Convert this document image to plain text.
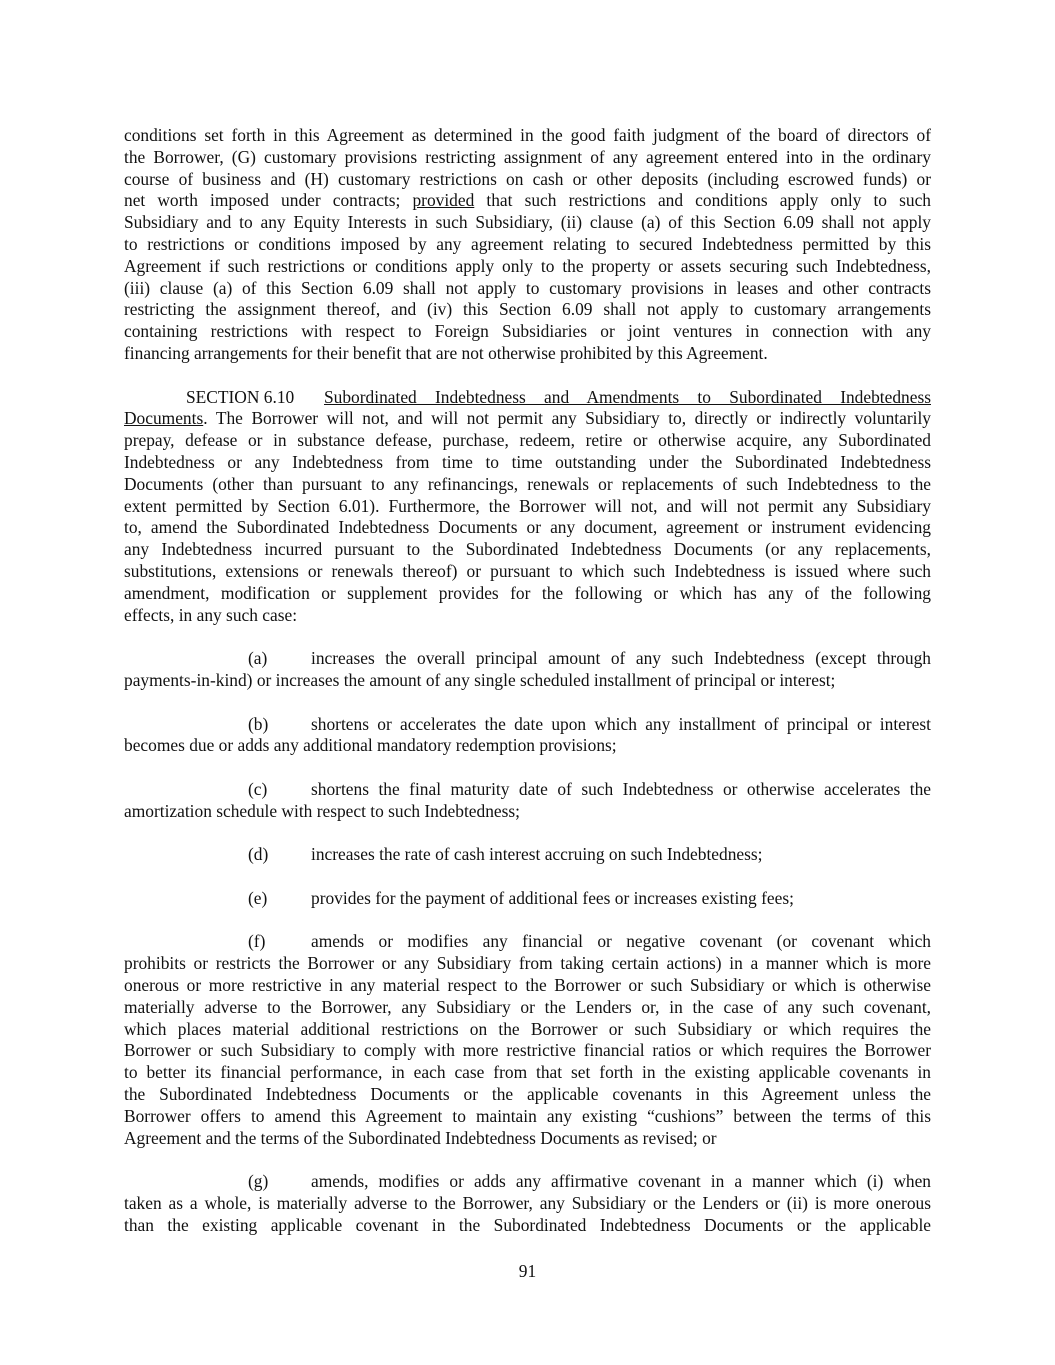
conditions set forth in this Agreement as determined in the good faith judgment of the board of directors of
the Borrower, (G) customary provisions restricting assignment of any agreement entered into in the ordinary
course of business and (H) customary restrictions on cash or other deposits (including escrowed funds) or
net worth imposed under contracts; provided that such restrictions and conditions apply only to such
Subsidiary and to any Equity Interests in such Subsidiary, (ii) clause (a) of this Section 6.09 shall not apply
to restrictions or conditions imposed by any agreement relating to secured Indebtedness permitted by this
Agreement if such restrictions or conditions apply only to the property or assets securing such Indebtedness,
(iii) clause (a) of this Section 6.09 shall not apply to customary provisions in leases and other contracts
restricting the assignment thereof, and (iv) this Section 6.09 shall not apply to customary arrangements
containing restrictions with respect to Foreign Subsidiaries or joint ventures in connection with any
financing arrangements for their benefit that are not otherwise prohibited by this Agreement.
SECTION 6.10 Subordinated Indebtedness and Amendments to Subordinated Indebtedness
Documents. The Borrower will not, and will not permit any Subsidiary to, directly or indirectly voluntarily
prepay, defease or in substance defease, purchase, redeem, retire or otherwise acquire, any Subordinated
Indebtedness or any Indebtedness from time to time outstanding under the Subordinated Indebtedness
Documents (other than pursuant to any refinancings, renewals or replacements of such Indebtedness to the
extent permitted by Section 6.01). Furthermore, the Borrower will not, and will not permit any Subsidiary
to, amend the Subordinated Indebtedness Documents or any document, agreement or instrument evidencing
any Indebtedness incurred pursuant to the Subordinated Indebtedness Documents (or any replacements,
substitutions, extensions or renewals thereof) or pursuant to which such Indebtedness is issued where such
amendment, modification or supplement provides for the following or which has any of the following
effects, in any such case:
(a)	increases the overall principal amount of any such Indebtedness (except through
payments-in-kind) or increases the amount of any single scheduled installment of principal or interest;
(b)	shortens or accelerates the date upon which any installment of principal or interest
becomes due or adds any additional mandatory redemption provisions;
(c)	shortens the final maturity date of such Indebtedness or otherwise accelerates the
amortization schedule with respect to such Indebtedness;
(d)	increases the rate of cash interest accruing on such Indebtedness;
(e)	provides for the payment of additional fees or increases existing fees;
(f)	amends or modifies any financial or negative covenant (or covenant which
prohibits or restricts the Borrower or any Subsidiary from taking certain actions) in a manner which is more
onerous or more restrictive in any material respect to the Borrower or such Subsidiary or which is otherwise
materially adverse to the Borrower, any Subsidiary or the Lenders or, in the case of any such covenant,
which places material additional restrictions on the Borrower or such Subsidiary or which requires the
Borrower or such Subsidiary to comply with more restrictive financial ratios or which requires the Borrower
to better its financial performance, in each case from that set forth in the existing applicable covenants in
the Subordinated Indebtedness Documents or the applicable covenants in this Agreement unless the
Borrower offers to amend this Agreement to maintain any existing “cushions” between the terms of this
Agreement and the terms of the Subordinated Indebtedness Documents as revised; or
(g)	amends, modifies or adds any affirmative covenant in a manner which (i) when
taken as a whole, is materially adverse to the Borrower, any Subsidiary or the Lenders or (ii) is more onerous
than the existing applicable covenant in the Subordinated Indebtedness Documents or the applicable
91
